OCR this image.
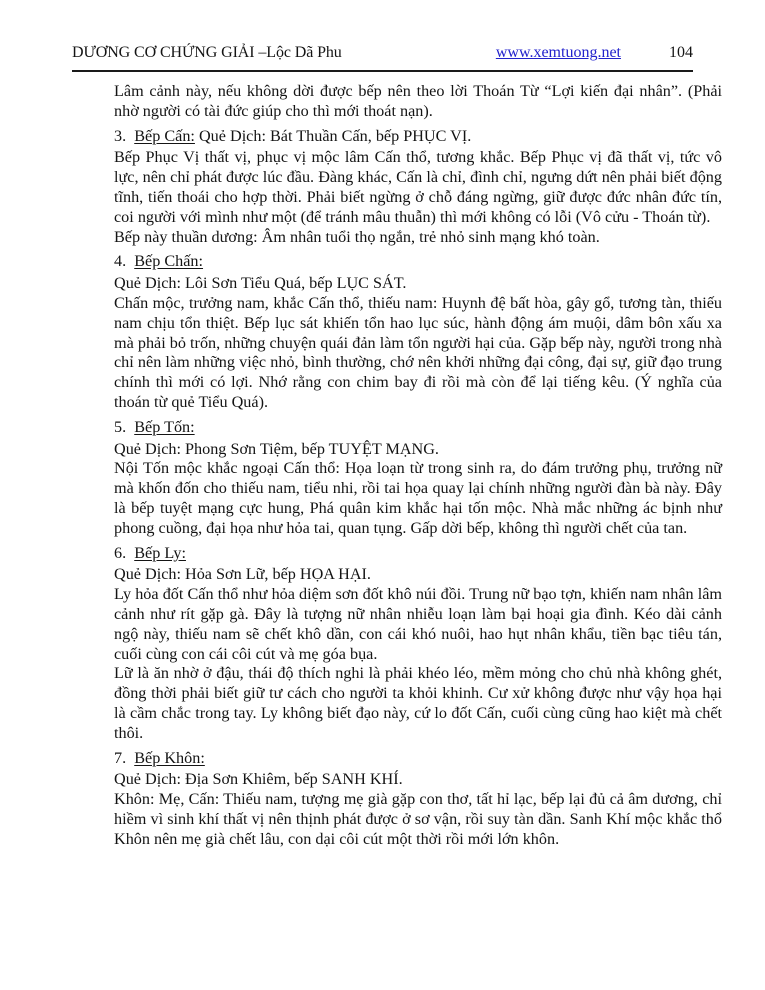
DƯƠNG CƠ CHỨNG GIẢI –Lộc Dã Phu	www.xemtuong.net	104

Lâm cảnh này, nếu không dời được bếp nên theo lời Thoán Từ “Lợi kiến đại nhân”. (Phải nhờ người có tài đức giúp cho thì mới thoát nạn).

3. Bếp Cấn: Quẻ Dịch: Bát Thuần Cấn, bếp PHỤC VỊ.

Bếp Phục Vị thất vị, phục vị mộc lâm Cấn thổ, tương khắc. Bếp Phục vị đã thất vị, tức vô lực, nên chỉ phát được lúc đầu. Đàng khác, Cấn là chỉ, đình chỉ, ngưng dứt nên phải biết động tĩnh, tiến thoái cho hợp thời. Phải biết ngừng ở chỗ đáng ngừng, giữ được đức nhân đức tín, coi người với mình như một (để tránh mâu thuẫn) thì mới không có lỗi (Vô cửu - Thoán từ).

Bếp này thuần dương: Âm nhân tuổi thọ ngắn, trẻ nhỏ sinh mạng khó toàn.

4. Bếp Chấn:

Quẻ Dịch: Lôi Sơn Tiểu Quá, bếp LỤC SÁT.

Chấn mộc, trưởng nam, khắc Cấn thổ, thiếu nam: Huynh đệ bất hòa, gây gổ, tương tàn, thiếu nam chịu tổn thiệt. Bếp lục sát khiến tổn hao lục súc, hành động ám muội, dâm bôn xấu xa mà phải bỏ trốn, những chuyện quái đản làm tổn người hại của. Gặp bếp này, người trong nhà chỉ nên làm những việc nhỏ, bình thường, chớ nên khởi những đại công, đại sự, giữ đạo trung chính thì mới có lợi. Nhớ rằng con chim bay đi rồi mà còn để lại tiếng kêu. (Ý nghĩa của thoán từ quẻ Tiểu Quá).

5. Bếp Tốn:

Quẻ Dịch: Phong Sơn Tiệm, bếp TUYỆT MẠNG.

Nội Tốn mộc khắc ngoại Cấn thổ: Họa loạn từ trong sinh ra, do đám trưởng phụ, trưởng nữ mà khốn đốn cho thiếu nam, tiểu nhi, rồi tai họa quay lại chính những người đàn bà này. Đây là bếp tuyệt mạng cực hung, Phá quân kim khắc hại tốn mộc. Nhà mắc những ác bịnh như phong cuồng, đại họa như hỏa tai, quan tụng. Gấp dời bếp, không thì người chết của tan.

6. Bếp Ly:

Quẻ Dịch: Hỏa Sơn Lữ, bếp HỌA HẠI.

Ly hỏa đốt Cấn thổ như hỏa diệm sơn đốt khô núi đồi. Trung nữ bạo tợn, khiến nam nhân lâm cảnh như rít gặp gà. Đây là tượng nữ nhân nhiễu loạn làm bại hoại gia đình. Kéo dài cảnh ngộ này, thiếu nam sẽ chết khô dần, con cái khó nuôi, hao hụt nhân khẩu, tiền bạc tiêu tán, cuối cùng con cái côi cút và mẹ góa bụa.

Lữ là ăn nhờ ở đậu, thái độ thích nghi là phải khéo léo, mềm mỏng cho chủ nhà không ghét, đồng thời phải biết giữ tư cách cho người ta khỏi khinh. Cư xử không được như vậy họa hại là cầm chắc trong tay. Ly không biết đạo này, cứ lo đốt Cấn, cuối cùng cũng hao kiệt mà chết thôi.

7. Bếp Khôn:

Quẻ Dịch: Địa Sơn Khiêm, bếp SANH KHÍ.

Khôn: Mẹ, Cấn: Thiếu nam, tượng mẹ già gặp con thơ, tất hỉ lạc, bếp lại đủ cả âm dương, chỉ hiềm vì sinh khí thất vị nên thịnh phát được ở sơ vận, rồi suy tàn dần. Sanh Khí mộc khắc thổ Khôn nên mẹ già chết lâu, con dại côi cút một thời rồi mới lớn khôn.
